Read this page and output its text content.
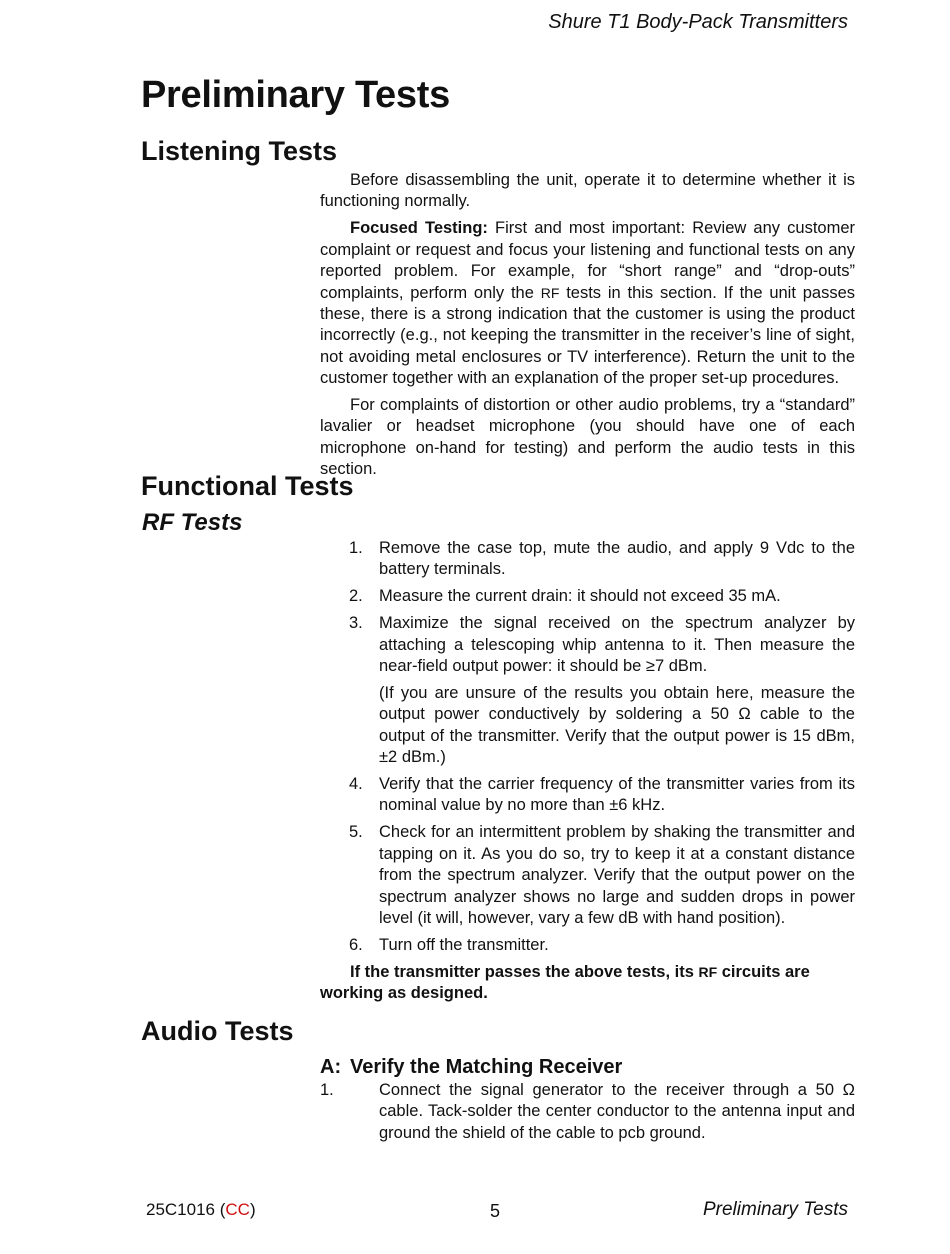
Shure T1 Body-Pack Transmitters
Preliminary Tests
Listening Tests

Before disassembling the unit, operate it to determine whether it is functioning normally.

Focused Testing: First and most important: Review any customer complaint or request and focus your listening and functional tests on any reported problem. For example, for “short range” and “drop-outs” complaints, perform only the RF tests in this section. If the unit passes these, there is a strong indication that the customer is using the product incorrectly (e.g., not keeping the transmitter in the receiver’s line of sight, not avoiding metal enclosures or TV interference). Return the unit to the customer together with an explanation of the proper set-up procedures.

For complaints of distortion or other audio problems, try a “standard” lavalier or headset microphone (you should have one of each microphone on-hand for testing) and perform the audio tests in this section.

Functional Tests
RF Tests
1. Remove the case top, mute the audio, and apply 9 Vdc to the battery terminals.
2. Measure the current drain: it should not exceed 35 mA.
3. Maximize the signal received on the spectrum analyzer by attaching a telescoping whip antenna to it. Then measure the near-field output power: it should be ≥7 dBm.
(If you are unsure of the results you obtain here, measure the output power conductively by soldering a 50 Ω cable to the output of the transmitter. Verify that the output power is 15 dBm, ±2 dBm.)
4. Verify that the carrier frequency of the transmitter varies from its nominal value by no more than ±6 kHz.
5. Check for an intermittent problem by shaking the transmitter and tapping on it. As you do so, try to keep it at a constant distance from the spectrum analyzer. Verify that the output power on the spectrum analyzer shows no large and sudden drops in power level (it will, however, vary a few dB with hand position).
6. Turn off the transmitter.
If the transmitter passes the above tests, its RF circuits are working as designed.
Audio Tests
A: Verify the Matching Receiver
1.	Connect the signal generator to the receiver through a 50 Ω cable. Tack-solder the center conductor to the antenna input and ground the shield of the cable to pcb ground.
25C1016 (CC)	5	Preliminary Tests
